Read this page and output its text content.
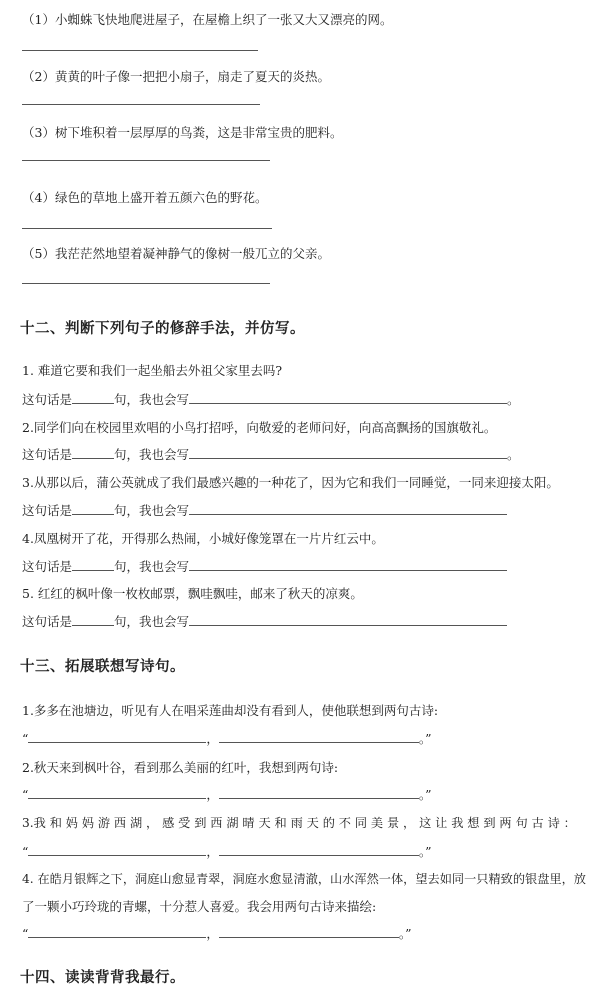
（1）小蜘蛛飞快地爬进屋子，在屋檐上织了一张又大又漂亮的网。
（2）黄黄的叶子像一把把小扇子，扇走了夏天的炎热。
（3）树下堆积着一层厚厚的鸟粪，这是非常宝贵的肥料。
（4）绿色的草地上盛开着五颜六色的野花。
（5）我茫茫然地望着凝神静气的像树一般兀立的父亲。
十二、判断下列句子的修辞手法，并仿写。
1. 难道它要和我们一起坐船去外祖父家里去吗?
这句话是	句，我也会写	。
2.同学们向在校园里欢唱的小鸟打招呼，向敬爱的老师问好，向高高飘扬的国旗敬礼。
这句话是	句，我也会写	。
3.从那以后，蒲公英就成了我们最感兴趣的一种花了，因为它和我们一同睡觉，一同来迎接太阳。
这句话是	句，我也会写
4.凤凰树开了花，开得那么热闹，小城好像笼罩在一片片红云中。
这句话是	句，我也会写
5. 红红的枫叶像一枚枚邮票，飘哇飘哇，邮来了秋天的凉爽。
这句话是	句，我也会写
十三、拓展联想写诗句。
1.多多在池塘边，听见有人在唱采莲曲却没有看到人，使他联想到两句古诗:
“	，	。”
2.秋天来到枫叶谷，看到那么美丽的红叶，我想到两句诗:
“	，	。”
3.我 和 妈 妈 游 西 湖 ， 感 受 到 西 湖 晴 天 和 雨 天 的 不 同 美 景 ， 这 让 我 想 到 两 句 古 诗 ：
“	，	。”
4. 在皓月银辉之下，洞庭山愈显青翠，洞庭水愈显清澈，山水浑然一体，望去如同一只精致的银盘里，放
了一颗小巧玲珑的青螺，十分惹人喜爱。我会用两句古诗来描绘:
“	，	。”
十四、读读背背我最行。
